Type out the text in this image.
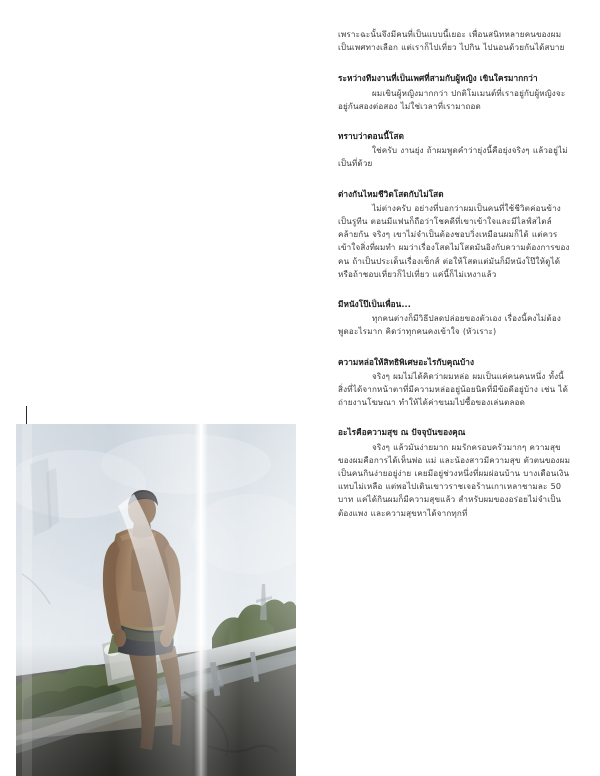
เพราะฉะนั้นจึงมีคนที่เป็นแบบนี้เยอะ เพื่อนสนิทหลายคนของผมเป็นเพศทางเลือก แต่เราก็ไปเที่ยว ไปกิน ไปนอนด้วยกันได้สบาย

ระหว่างทีมงานที่เป็นเพศที่สามกับผู้หญิง เขินใครมากกว่า

ผมเขินผู้หญิงมากกว่า ปกติโมเมนต์ที่เราอยู่กับผู้หญิงจะอยู่กันสองต่อสอง ไม่ใช่เวลาที่เรามาถอด

ทราบว่าตอนนี้โสด

ใช่ครับ งานยุ่ง ถ้าผมพูดคำว่ายุ่งนี้คือยุ่งจริงๆ แล้วอยู่ไม่เป็นที่ด้วย

ต่างกันไหมชีวิตโสดกับไม่โสด

ไม่ต่างครับ อย่างที่บอกว่าผมเป็นคนที่ใช้ชีวิตค่อนข้างเป็นรูทีน ตอนมีแฟนก็ถือว่าโชคดีที่เขาเข้าใจและมีไลฟ์สไตล์คล้ายกัน จริงๆ เขาไม่จำเป็นต้องชอบวิ่งเหมือนผมก็ได้ แต่ควรเข้าใจสิ่งที่ผมทำ ผมว่าเรื่องโสดไม่โสดมันอิงกับความต้องการของคน ถ้าเป็นประเด็นเรื่องเซ็กส์ ต่อให้โสดแต่มันก็มีหนังโป๊ให้ดูได้ หรือถ้าชอบเที่ยวก็ไปเที่ยว แค่นี้ก็ไม่เหงาแล้ว

มีหนังโป๊เป็นเพื่อน...

ทุกคนต่างก็มีวิธีปลดปล่อยของตัวเอง เรื่องนี้คงไม่ต้องพูดอะไรมาก คิดว่าทุกคนคงเข้าใจ (หัวเราะ)

ความหล่อให้สิทธิพิเศษอะไรกับคุณบ้าง

จริงๆ ผมไม่ได้คิดว่าผมหล่อ ผมเป็นแค่คนคนหนึ่ง ทั้งนี้สิ่งที่ได้จากหน้าตาที่มีความหล่ออยู่น้อยนิดที่มีข้อดีอยู่บ้าง เช่น ได้ถ่ายงานโฆษณา ทำให้ได้ค่าขนมไปซื้อของเล่นตลอด

อะไรคือความสุข ณ ปัจจุบันของคุณ

จริงๆ แล้วมันง่ายมาก ผมรักครอบครัวมากๆ ความสุขของผมคือการได้เห็นพ่อ แม่ และน้องสาวมีความสุข ตัวตนของผมเป็นคนกินง่ายอยู่ง่าย เคยมีอยู่ช่วงหนึ่งที่ผมผ่อนบ้าน บางเดือนเงินแทบไม่เหลือ แต่พอไปเดินเขาวราชเจอร้านเกาเหลาชามละ 50 บาท แค่ได้กินผมก็มีความสุขแล้ว สำหรับผมของอร่อยไม่จำเป็นต้องแพง และความสุขหาได้จากทุกที่
